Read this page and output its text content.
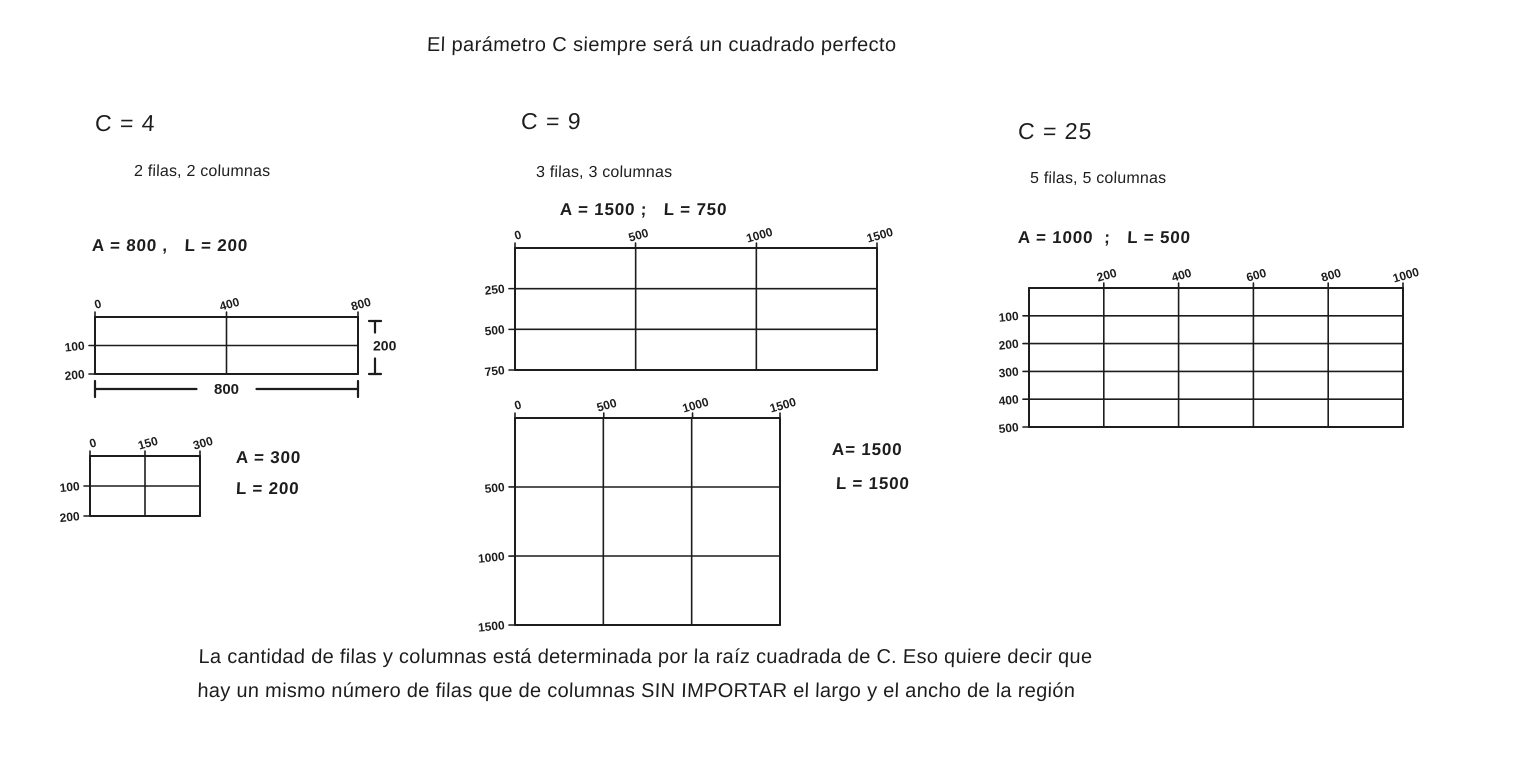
El parámetro C siempre será un cuadrado perfecto
C = 4
2 filas, 2 columnas
A = 800 ,   L = 200
0	400	800
100
200
800
200
0	150	300
100
200
A = 300
L = 200
C = 9
3 filas, 3 columnas
A = 1500 ;   L = 750
0	500	1000	1500
250
500
750
0	500	1000	1500
500
1000
1500
A= 1500
L = 1500
C = 25
5 filas, 5 columnas
A = 1000  ;   L = 500
200	400	600	800	1000
100
200
300
400
500
La cantidad de filas y columnas está determinada por la raíz cuadrada de C. Eso quiere decir que
hay un mismo número de filas que de columnas SIN IMPORTAR el largo y el ancho de la región
